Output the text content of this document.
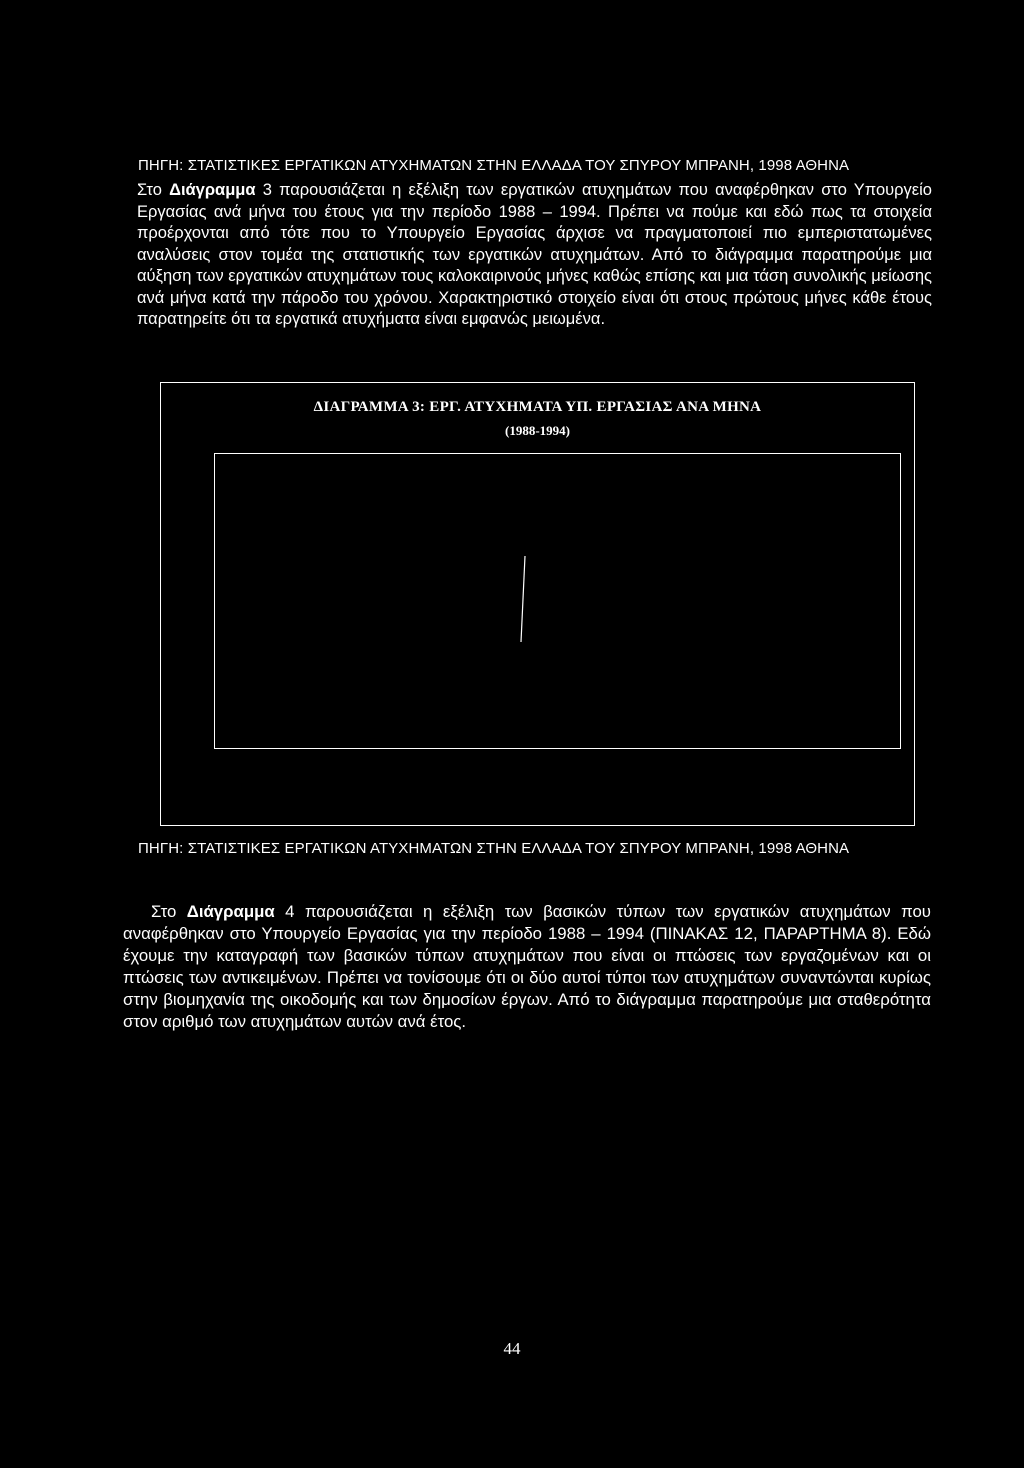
ΠΗΓΗ: ΣΤΑΤΙΣΤΙΚΕΣ ΕΡΓΑΤΙΚΩΝ ΑΤΥΧΗΜΑΤΩΝ ΣΤΗΝ ΕΛΛΑΔΑ ΤΟΥ ΣΠΥΡΟΥ ΜΠΡΑΝΗ, 1998 ΑΘΗΝΑ
Στο Διάγραμμα 3 παρουσιάζεται η εξέλιξη των εργατικών ατυχημάτων που αναφέρθηκαν στο Υπουργείο Εργασίας ανά μήνα του έτους για την περίοδο 1988 – 1994. Πρέπει να πούμε και εδώ πως τα στοιχεία προέρχονται από τότε που το Υπουργείο Εργασίας άρχισε να πραγματοποιεί πιο εμπεριστατωμένες αναλύσεις στον τομέα της στατιστικής των εργατικών ατυχημάτων. Από το διάγραμμα παρατηρούμε μια αύξηση των εργατικών ατυχημάτων τους καλοκαιρινούς μήνες καθώς επίσης και μια τάση συνολικής μείωσης ανά μήνα κατά την πάροδο του χρόνου. Χαρακτηριστικό στοιχείο είναι ότι στους πρώτους μήνες κάθε έτους παρατηρείτε ότι τα εργατικά ατυχήματα είναι εμφανώς μειωμένα.
ΔΙΑΓΡΑΜΜΑ 3: ΕΡΓ. ΑΤΥΧΗΜΑΤΑ ΥΠ. ΕΡΓΑΣΙΑΣ ΑΝΑ ΜΗΝΑ
(1988-1994)
ΠΗΓΗ: ΣΤΑΤΙΣΤΙΚΕΣ ΕΡΓΑΤΙΚΩΝ ΑΤΥΧΗΜΑΤΩΝ ΣΤΗΝ ΕΛΛΑΔΑ ΤΟΥ ΣΠΥΡΟΥ ΜΠΡΑΝΗ, 1998 ΑΘΗΝΑ
Στο Διάγραμμα 4 παρουσιάζεται η εξέλιξη των βασικών τύπων των εργατικών ατυχημάτων που αναφέρθηκαν στο Υπουργείο Εργασίας για την περίοδο 1988 – 1994 (ΠΙΝΑΚΑΣ 12, ΠΑΡΑΡΤΗΜΑ 8). Εδώ έχουμε την καταγραφή των βασικών τύπων ατυχημάτων που είναι οι πτώσεις των εργαζομένων και οι πτώσεις των αντικειμένων. Πρέπει να τονίσουμε ότι οι δύο αυτοί τύποι των ατυχημάτων συναντώνται κυρίως στην βιομηχανία της οικοδομής και των δημοσίων έργων. Από το διάγραμμα παρατηρούμε μια σταθερότητα στον αριθμό των ατυχημάτων αυτών ανά έτος.
44
